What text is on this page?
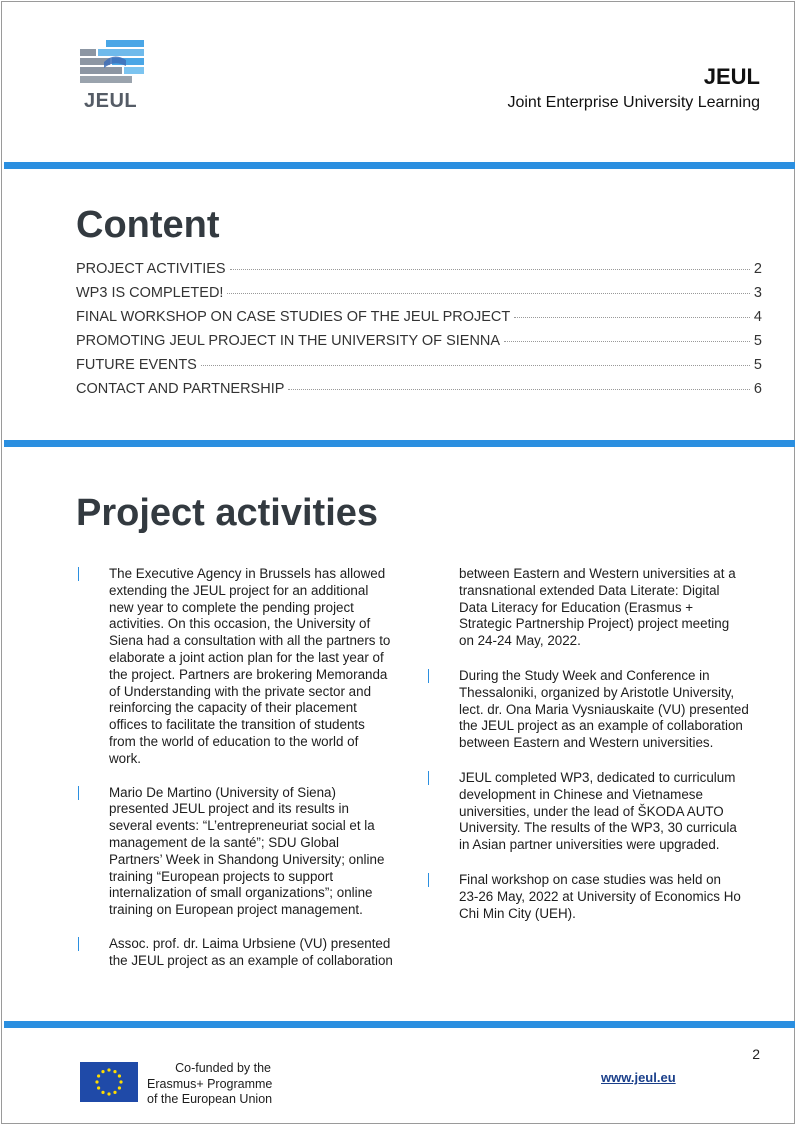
JEUL
JEUL
Joint Enterprise University Learning
Content
PROJECT ACTIVITIES	2
WP3 IS COMPLETED!	3
FINAL WORKSHOP ON CASE STUDIES OF THE JEUL PROJECT	4
PROMOTING JEUL PROJECT IN THE UNIVERSITY OF SIENNA	5
FUTURE EVENTS	5
CONTACT AND PARTNERSHIP	6
Project activities

The Executive Agency in Brussels has allowed
extending the JEUL project for an additional
new year to complete the pending project
activities. On this occasion, the University of
Siena had a consultation with all the partners to
elaborate a joint action plan for the last year of
the project. Partners are brokering Memoranda
of Understanding with the private sector and
reinforcing the capacity of their placement
offices to facilitate the transition of students
from the world of education to the world of
work.

Mario De Martino (University of Siena)
presented JEUL project and its results in
several events: “L’entrepreneuriat social et la
management de la santé”; SDU Global
Partners’ Week in Shandong University; online
training “European projects to support
internalization of small organizations”; online
training on European project management.

Assoc. prof. dr. Laima Urbsiene (VU) presented
the JEUL project as an example of collaboration

between Eastern and Western universities at a
transnational extended Data Literate: Digital
Data Literacy for Education (Erasmus +
Strategic Partnership Project) project meeting
on 24-24 May, 2022.

During the Study Week and Conference in
Thessaloniki, organized by Aristotle University,
lect. dr. Ona Maria Vysniauskaite (VU) presented
the JEUL project as an example of collaboration
between Eastern and Western universities.

JEUL completed WP3, dedicated to curriculum
development in Chinese and Vietnamese
universities, under the lead of ŠKODA AUTO
University. The results of the WP3, 30 curricula
in Asian partner universities were upgraded.

Final workshop on case studies was held on
23-26 May, 2022 at University of Economics Ho
Chi Min City (UEH).

Co-funded by the
Erasmus+ Programme
of the European Union
www.jeul.eu
2
